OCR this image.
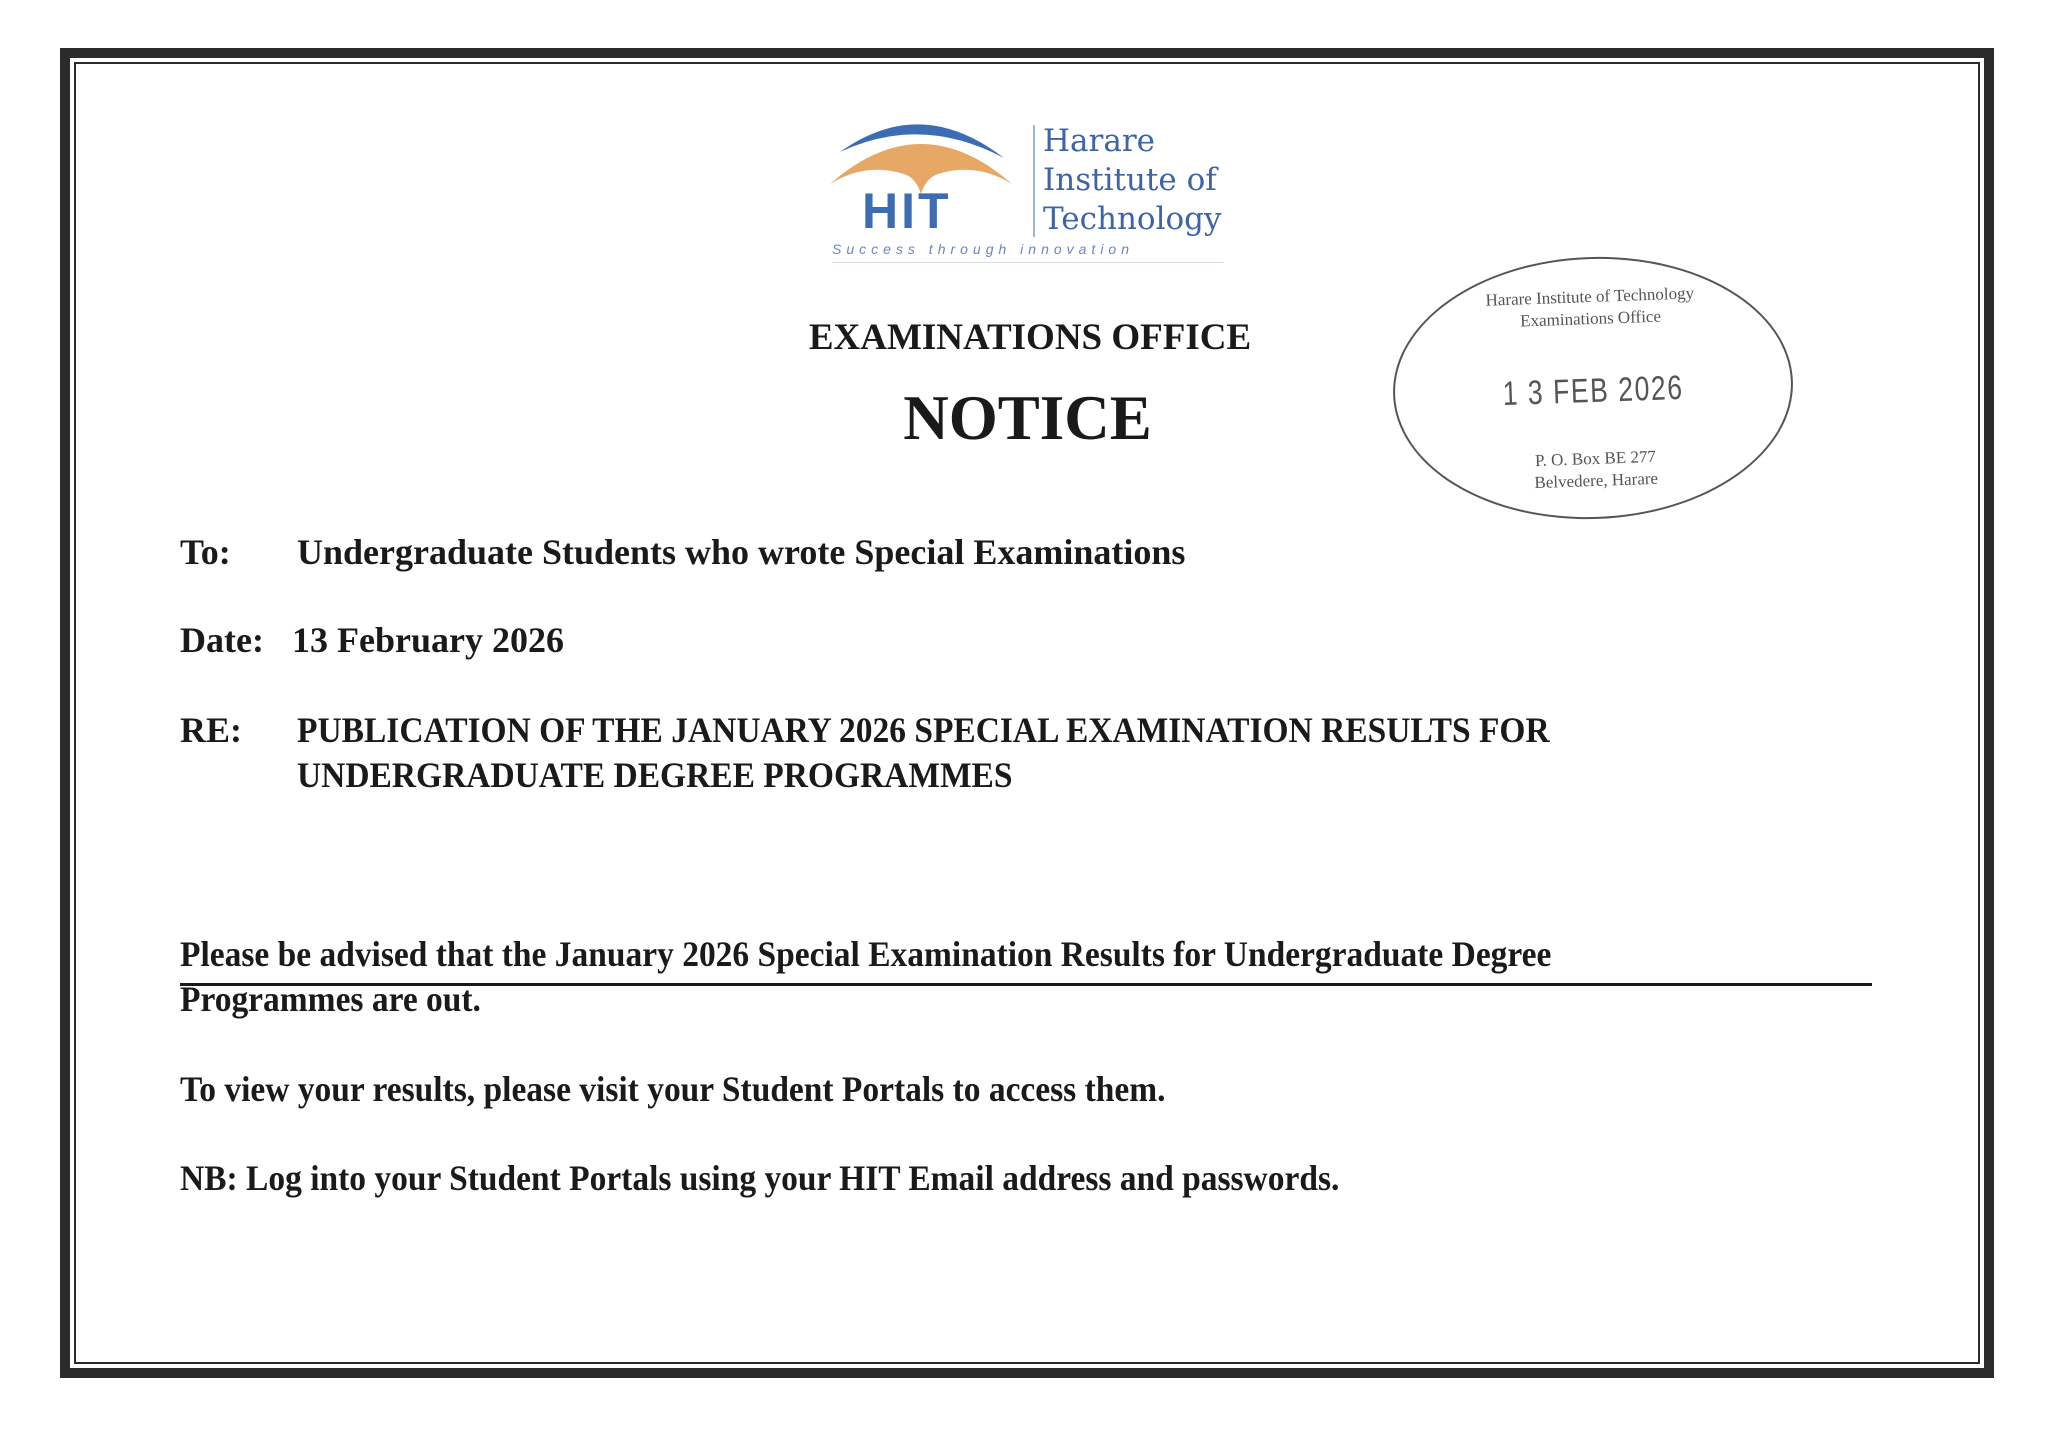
HIT
Harare
Institute of
Technology
Success through innovation
EXAMINATIONS OFFICE
NOTICE
Harare Institute of Technology
Examinations Office
1 3 FEB 2026
P. O. Box BE 277
Belvedere, Harare
To: Undergraduate Students who wrote Special Examinations
Date: 13 February 2026
RE: PUBLICATION OF THE JANUARY 2026 SPECIAL EXAMINATION RESULTS FOR
UNDERGRADUATE DEGREE PROGRAMMES
Please be advised that the January 2026 Special Examination Results for Undergraduate Degree
Programmes are out.
To view your results, please visit your Student Portals to access them.
NB: Log into your Student Portals using your HIT Email address and passwords.
